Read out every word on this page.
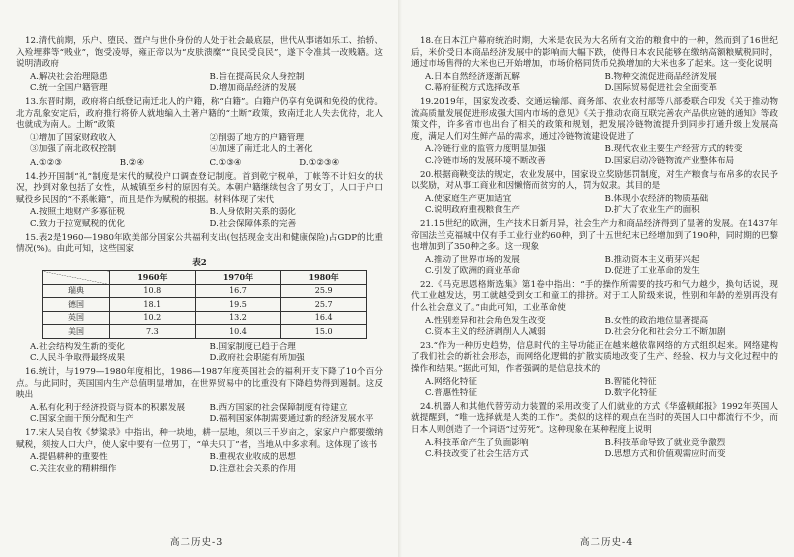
12.清代前期，乐户、堕民、疍户与世仆身份的人处于社会最底层，世代从事诸如乐工、抬轿、入殓埋葬等“贱业”，饱受凌辱，雍正帝以为“皮肤溃糜”“良民受良民”，遂下令准其一改贱籍。这说明清政府

A.解决社会治理隐患	B.旨在提高民众人身控制
C.统一全国户籍管理	D.增加商品经济的发展

13.东晋时期，政府将白纸登记南迁北人的户籍，称“白籍”。白籍户仍享有免调和免役的优待。北方乱象安定后，政府推行将侨人就地编入土著户籍的“土断”政策，致南迁北人失去优待，北人也就成为南人。土断”政策

①增加了国家财政收入	②削弱了地方的户籍管理
③加强了南北政权控制	④加速了南迁北人的土著化
A.①②③	B.②④	C.①③④	D.①②③④

14.抄开国制“礼”制度是宋代的赋役户口调查登记制度。首到乾宁税单，丁帐等不计妇女的状况，抄到对象包括了女性，从城镇至乡村的原因有关。本朝户籍继续包含了男女丁，人口于户口赋役乡民因的“不系帐籍”，而且是作为赋税的根据。材料体现了宋代

A.按照土地财产多寡征税	B.人身依附关系的弱化
C.致力于拉宽赋税的优化	D.社会保障体系的完善

15.表2是1960—1980年欧美部分国家公共福利支出(包括现金支出和健康保险)占GDP的比重情况(%)。由此可知，这些国家

表2
	1960年	1970年	1980年
瑞典	10.8	16.7	25.9
德国	18.1	19.5	25.7
英国	10.2	13.2	16.4
美国	7.3	10.4	15.0
A.社会结构发生新的变化	B.国家制度已趋于合理
C.人民斗争取得最终成果	D.政府社会职能有所加强

16.统计，与1979—1980年度相比，1986—1987年度英国社会的福利开支下降了10个百分点。与此同时，英国国内生产总值明显增加，在世界贸易中的比重没有下降趋势得到遏制。这反映出

A.私有化利于经济投资与资本的积累发展	B.西方国家的社会保障制度有待建立
C.国家全面干预分配和生产	D.福利国家体制需要通过新的经济发展水平

17.宋人吴自牧《梦粱录》中指出，种一块地，耕一层地，须以三千岁亩之，家家户户都要缴纳赋税，须按人口大户，使人家中要有一位男丁，“单夫只丁”者，当地从中多求利。这体现了该书

A.提倡耕种的重要性	B.重视农业收成的思想
C.关注农业的精耕细作	D.注意社会关系的作用

18.在日本江户幕府统治时期，大米是农民为大名所有文治的粮食中的一种，然而到了16世纪后，米价受日本商品经济发展中的影响而大幅下跌，使得日本农民能够在缴纳高额粮赋税同时，通过市场售得的大米也已开始增加，市场价格同货币兑换增加的大米也多了起来。这一变化说明

A.日本自然经济逐渐瓦解	B.物种交流促进商品经济发展
C.幕府征税方式选择改革	D.国际贸易促进社会全面变革

19.2019年，国家发改委、交通运输部、商务部、农业农村部等八部委联合印发《关于推动物流高质量发展促进形成强大国内市场的意见》《关于推动农商互联完善农产品供应链的通知》等政策文件，许多省市也出台了相关的政策和规划，把发展冷链物流提升到同步打通升级上发展高度，满足人们对生鲜产品的需求，通过冷链物流建设促进了

A.冷链行业的监管力度明显加强	B.现代农业主要生产经营方式的转变
C.冷链市场的发展环境不断改善	D.国家启动冷链物流产业整体布局

20.根据商鞅变法的规定，农业发展中，国家设立奖励惩罚制度，对生产粮食与布帛多的农民予以奖励，对从事工商业和因懒惰而贫穷的人，罚为奴隶。其目的是

A.使家庭生产更加适宜	B.体现小农经济的物质基础
C.说明政府重视粮食生产	D.扩大了农业生产的面积

21.15世纪的欧洲，生产技术日新月异，社会生产力和商品经济得到了显著的发展。在1437年帝国法兰克福城中仅有手工业行业约60种，到了十五世纪末已经增加到了190种，同时期的巴黎也增加到了350种之多。这一现象

A.推动了世界市场的发展	B.推动资本主义萌芽兴起
C.引发了欧洲的商业革命	D.促进了工业革命的发生

22.《马克思恩格斯选集》第1卷中指出：“手的操作所需要的技巧和气力越少，换句话说，现代工业越发达，男工就越受到女工和童工的排挤。对于工人阶级来说，性别和年龄的差别再没有什么社会意义了。”由此可知，工业革命使

A.性别差异和社会角色发生改变	B.女性的政治地位显著提高
C.资本主义的经济剥削人人减弱	D.社会分化和社会分工不断加剧

23.“作为一种历史趋势，信息时代的主导功能正在越来越依靠网络的方式组织起来。网络建构了我们社会的新社会形态，而网络化逻辑的扩散实质地改变了生产、经验、权力与文化过程中的操作和结果。”据此可知，作者强调的是信息技术的

A.网络化特征	B.智能化特征
C.普惠性特征	D.数字化特征

24.机器人和其他代替劳动力装置的采用改变了人们就业的方式《华盛顿邮报》1992年英国人就提醒到，“唯一选择就是人类的工作”。类似的这样的观点在当时的英国人口中都流行不少，而日本人则创造了一个词语“过劳死”。这种现象在某种程度上说明

A.科技革命产生了负面影响	B.科技革命导致了就业竞争激烈
C.科技改变了社会生活方式	D.思想方式和价值观需应时而变
高二历史-3	高二历史-4
